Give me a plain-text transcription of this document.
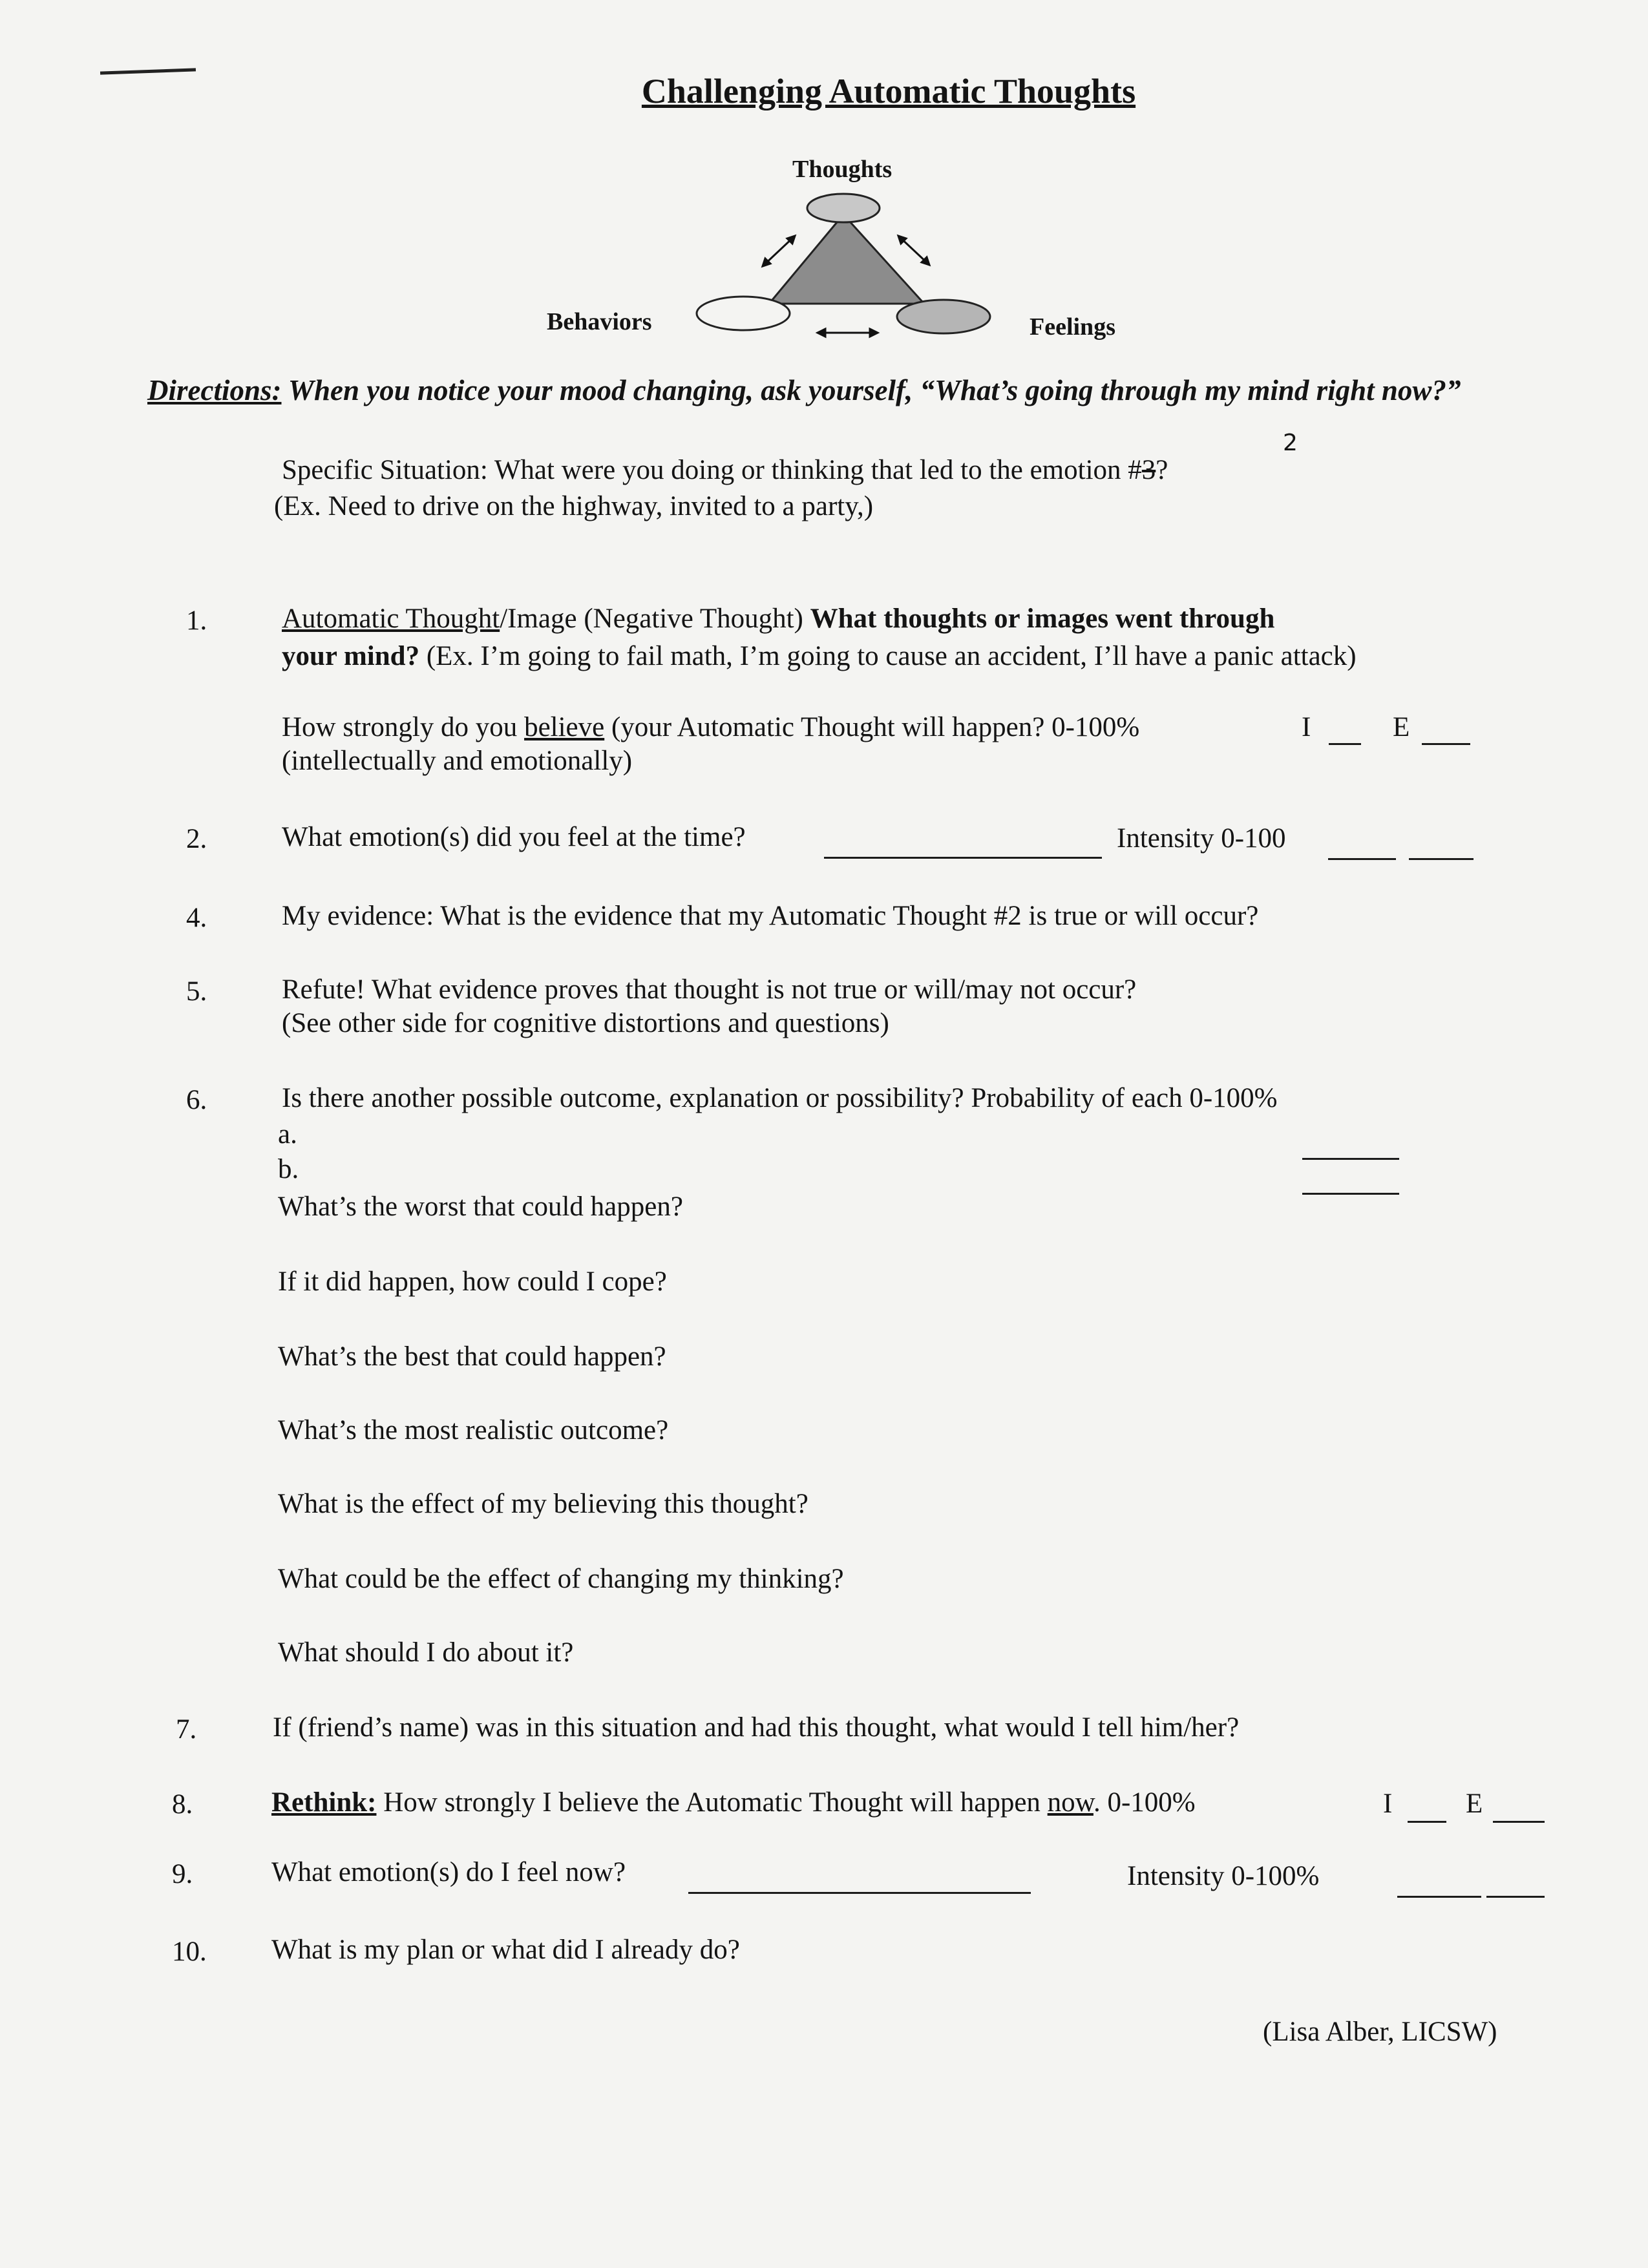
Challenging Automatic Thoughts
Thoughts
Behaviors	Feelings
Directions: When you notice your mood changing, ask yourself, “What’s going through my mind right now?”
Specific Situation: What were you doing or thinking that led to the emotion #3?
2
(Ex. Need to drive on the highway, invited to a party,)
1.	Automatic Thought/Image (Negative Thought) What thoughts or images went through
your mind? (Ex. I’m going to fail math, I’m going to cause an accident, I’ll have a panic attack)
How strongly do you believe (your Automatic Thought will happen? 0-100%	I	E
(intellectually and emotionally)
2.	What emotion(s) did you feel at the time?	Intensity 0-100
4.	My evidence: What is the evidence that my Automatic Thought #2 is true or will occur?
5.	Refute! What evidence proves that thought is not true or will/may not occur?
(See other side for cognitive distortions and questions)
6.	Is there another possible outcome, explanation or possibility? Probability of each 0-100%
a.
b.
What’s the worst that could happen?
If it did happen, how could I cope?
What’s the best that could happen?
What’s the most realistic outcome?
What is the effect of my believing this thought?
What could be the effect of changing my thinking?
What should I do about it?
7.	If (friend’s name) was in this situation and had this thought, what would I tell him/her?
8.	Rethink: How strongly I believe the Automatic Thought will happen now. 0-100%	I	E
9.	What emotion(s) do I feel now?	Intensity 0-100%
10. What is my plan or what did I already do?
(Lisa Alber, LICSW)
